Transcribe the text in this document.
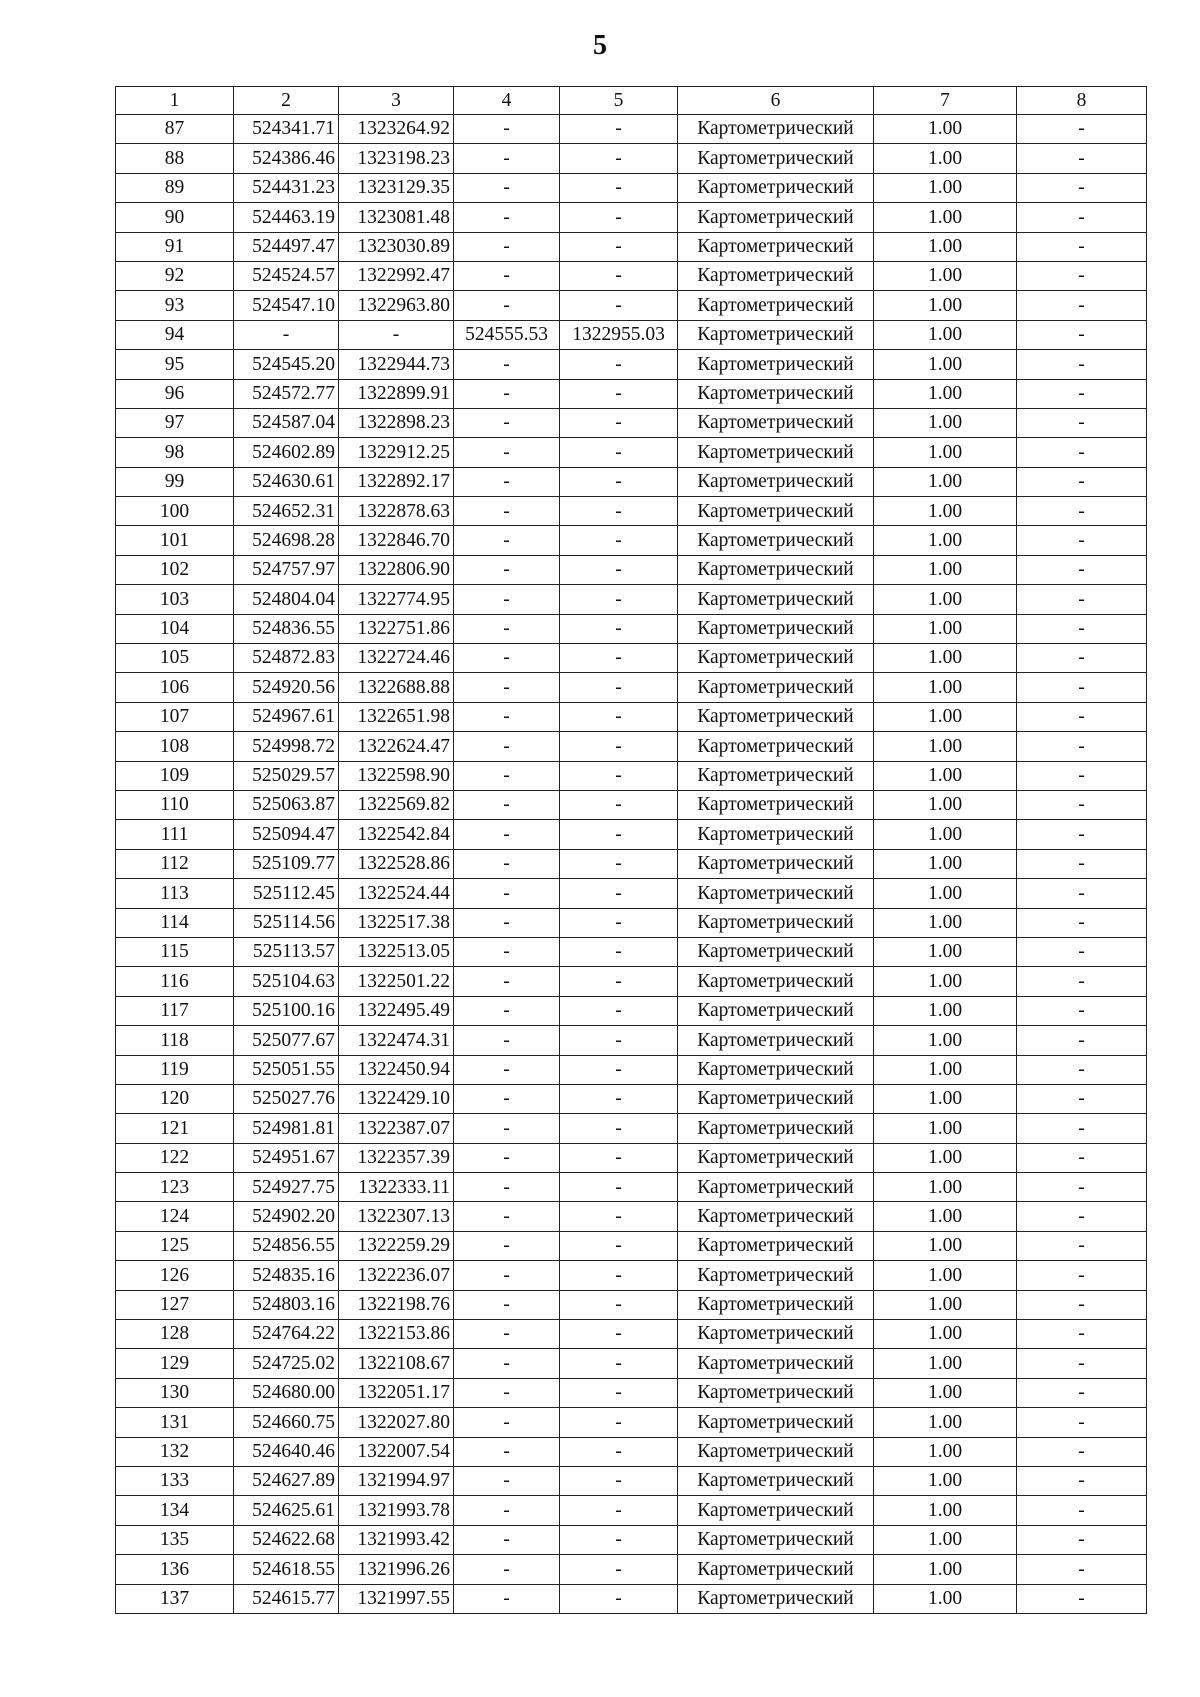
5
1	2	3	4	5	6	7	8
87	524341.71	1323264.92	-	-	Картометрический	1.00	-
88	524386.46	1323198.23	-	-	Картометрический	1.00	-
89	524431.23	1323129.35	-	-	Картометрический	1.00	-
90	524463.19	1323081.48	-	-	Картометрический	1.00	-
91	524497.47	1323030.89	-	-	Картометрический	1.00	-
92	524524.57	1322992.47	-	-	Картометрический	1.00	-
93	524547.10	1322963.80	-	-	Картометрический	1.00	-
94	-	-	524555.53	1322955.03	Картометрический	1.00	-
95	524545.20	1322944.73	-	-	Картометрический	1.00	-
96	524572.77	1322899.91	-	-	Картометрический	1.00	-
97	524587.04	1322898.23	-	-	Картометрический	1.00	-
98	524602.89	1322912.25	-	-	Картометрический	1.00	-
99	524630.61	1322892.17	-	-	Картометрический	1.00	-
100	524652.31	1322878.63	-	-	Картометрический	1.00	-
101	524698.28	1322846.70	-	-	Картометрический	1.00	-
102	524757.97	1322806.90	-	-	Картометрический	1.00	-
103	524804.04	1322774.95	-	-	Картометрический	1.00	-
104	524836.55	1322751.86	-	-	Картометрический	1.00	-
105	524872.83	1322724.46	-	-	Картометрический	1.00	-
106	524920.56	1322688.88	-	-	Картометрический	1.00	-
107	524967.61	1322651.98	-	-	Картометрический	1.00	-
108	524998.72	1322624.47	-	-	Картометрический	1.00	-
109	525029.57	1322598.90	-	-	Картометрический	1.00	-
110	525063.87	1322569.82	-	-	Картометрический	1.00	-
111	525094.47	1322542.84	-	-	Картометрический	1.00	-
112	525109.77	1322528.86	-	-	Картометрический	1.00	-
113	525112.45	1322524.44	-	-	Картометрический	1.00	-
114	525114.56	1322517.38	-	-	Картометрический	1.00	-
115	525113.57	1322513.05	-	-	Картометрический	1.00	-
116	525104.63	1322501.22	-	-	Картометрический	1.00	-
117	525100.16	1322495.49	-	-	Картометрический	1.00	-
118	525077.67	1322474.31	-	-	Картометрический	1.00	-
119	525051.55	1322450.94	-	-	Картометрический	1.00	-
120	525027.76	1322429.10	-	-	Картометрический	1.00	-
121	524981.81	1322387.07	-	-	Картометрический	1.00	-
122	524951.67	1322357.39	-	-	Картометрический	1.00	-
123	524927.75	1322333.11	-	-	Картометрический	1.00	-
124	524902.20	1322307.13	-	-	Картометрический	1.00	-
125	524856.55	1322259.29	-	-	Картометрический	1.00	-
126	524835.16	1322236.07	-	-	Картометрический	1.00	-
127	524803.16	1322198.76	-	-	Картометрический	1.00	-
128	524764.22	1322153.86	-	-	Картометрический	1.00	-
129	524725.02	1322108.67	-	-	Картометрический	1.00	-
130	524680.00	1322051.17	-	-	Картометрический	1.00	-
131	524660.75	1322027.80	-	-	Картометрический	1.00	-
132	524640.46	1322007.54	-	-	Картометрический	1.00	-
133	524627.89	1321994.97	-	-	Картометрический	1.00	-
134	524625.61	1321993.78	-	-	Картометрический	1.00	-
135	524622.68	1321993.42	-	-	Картометрический	1.00	-
136	524618.55	1321996.26	-	-	Картометрический	1.00	-
137	524615.77	1321997.55	-	-	Картометрический	1.00	-
